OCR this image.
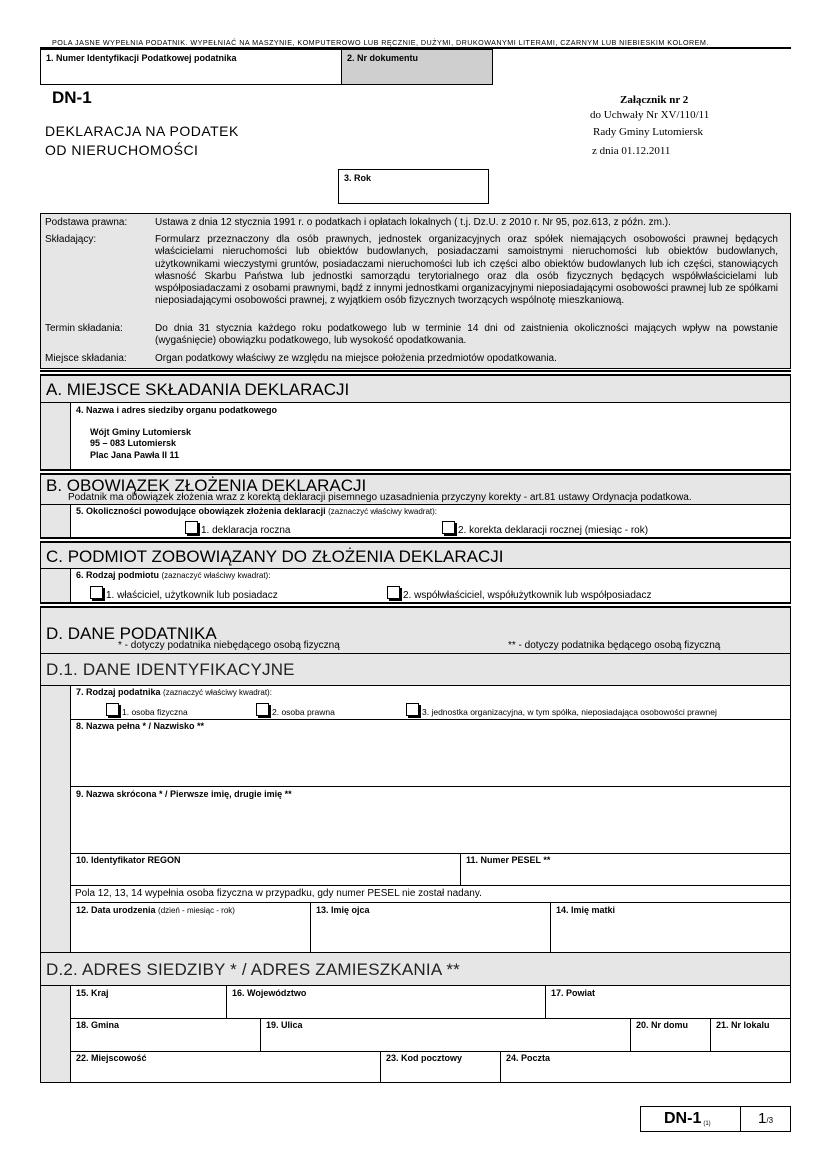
POLA JASNE WYPEŁNIA PODATNIK. WYPEŁNIAĆ NA MASZYNIE, KOMPUTEROWO LUB RĘCZNIE, DUŻYMI, DRUKOWANYMI LITERAMI, CZARNYM LUB NIEBIESKIM KOLOREM.
1. Numer Identyfikacji Podatkowej podatnika	2. Nr dokumentu
DN-1
DEKLARACJA NA PODATEK
OD NIERUCHOMOŚCI
Załącznik nr 2
do Uchwały Nr XV/110/11
Rady Gminy Lutomiersk
z dnia 01.12.2011
3. Rok
Podstawa prawna:	Ustawa z dnia 12 stycznia 1991 r. o podatkach i opłatach lokalnych ( t.j. Dz.U. z 2010 r. Nr 95, poz.613, z późn. zm.).
Składający:	Formularz przeznaczony dla osób prawnych, jednostek organizacyjnych oraz spółek niemających osobowości prawnej będących właścicielami nieruchomości lub obiektów budowlanych, posiadaczami samoistnymi nieruchomości lub obiektów budowlanych, użytkownikami wieczystymi gruntów, posiadaczami nieruchomości lub ich części albo obiektów budowlanych lub ich części, stanowiących własność Skarbu Państwa lub jednostki samorządu terytorialnego oraz dla osób fizycznych będących współwłaścicielami lub współposiadaczami z osobami prawnymi, bądź z innymi jednostkami organizacyjnymi nieposiadającymi osobowości prawnej lub ze spółkami nieposiadającymi osobowości prawnej, z wyjątkiem osób fizycznych tworzących wspólnotę mieszkaniową.
Termin składania:	Do dnia 31 stycznia każdego roku podatkowego lub w terminie 14 dni od zaistnienia okoliczności mających wpływ na powstanie (wygaśnięcie) obowiązku podatkowego, lub wysokość opodatkowania.
Miejsce składania:	Organ podatkowy właściwy ze względu na miejsce położenia przedmiotów opodatkowania.
A. MIEJSCE SKŁADANIA DEKLARACJI
4. Nazwa i adres siedziby organu podatkowego
Wójt Gminy Lutomiersk
95 – 083 Lutomiersk
Plac Jana Pawła II 11
B. OBOWIĄZEK ZŁOŻENIA DEKLARACJI
Podatnik ma obowiązek złożenia wraz z korektą deklaracji pisemnego uzasadnienia przyczyny korekty - art.81 ustawy Ordynacja podatkowa.
5. Okoliczności powodujące obowiązek złożenia deklaracji (zaznaczyć właściwy kwadrat):
1. deklaracja roczna	2. korekta deklaracji rocznej (miesiąc - rok)
C. PODMIOT ZOBOWIĄZANY DO ZŁOŻENIA DEKLARACJI
6. Rodzaj podmiotu (zaznaczyć właściwy kwadrat):
1. właściciel, użytkownik lub posiadacz	2. współwłaściciel, współużytkownik lub współposiadacz
D. DANE PODATNIKA
* - dotyczy podatnika niebędącego osobą fizyczną	** - dotyczy podatnika będącego osobą fizyczną
D.1. DANE IDENTYFIKACYJNE
7. Rodzaj podatnika (zaznaczyć właściwy kwadrat):
1. osoba fizyczna	2. osoba prawna	3. jednostka organizacyjna, w tym spółka, nieposiadająca osobowości prawnej
8. Nazwa pełna * / Nazwisko **
9. Nazwa skrócona * / Pierwsze imię, drugie imię **
10. Identyfikator REGON	11. Numer PESEL **
Pola 12, 13, 14 wypełnia osoba fizyczna w przypadku, gdy numer PESEL nie został nadany.
12. Data urodzenia (dzień - miesiąc - rok)	13. Imię ojca	14. Imię matki
D.2. ADRES SIEDZIBY * / ADRES ZAMIESZKANIA **
15. Kraj	16. Województwo	17. Powiat
18. Gmina	19. Ulica	20. Nr domu	21. Nr lokalu
22. Miejscowość	23. Kod pocztowy	24. Poczta
DN-1 (1)	1/3
